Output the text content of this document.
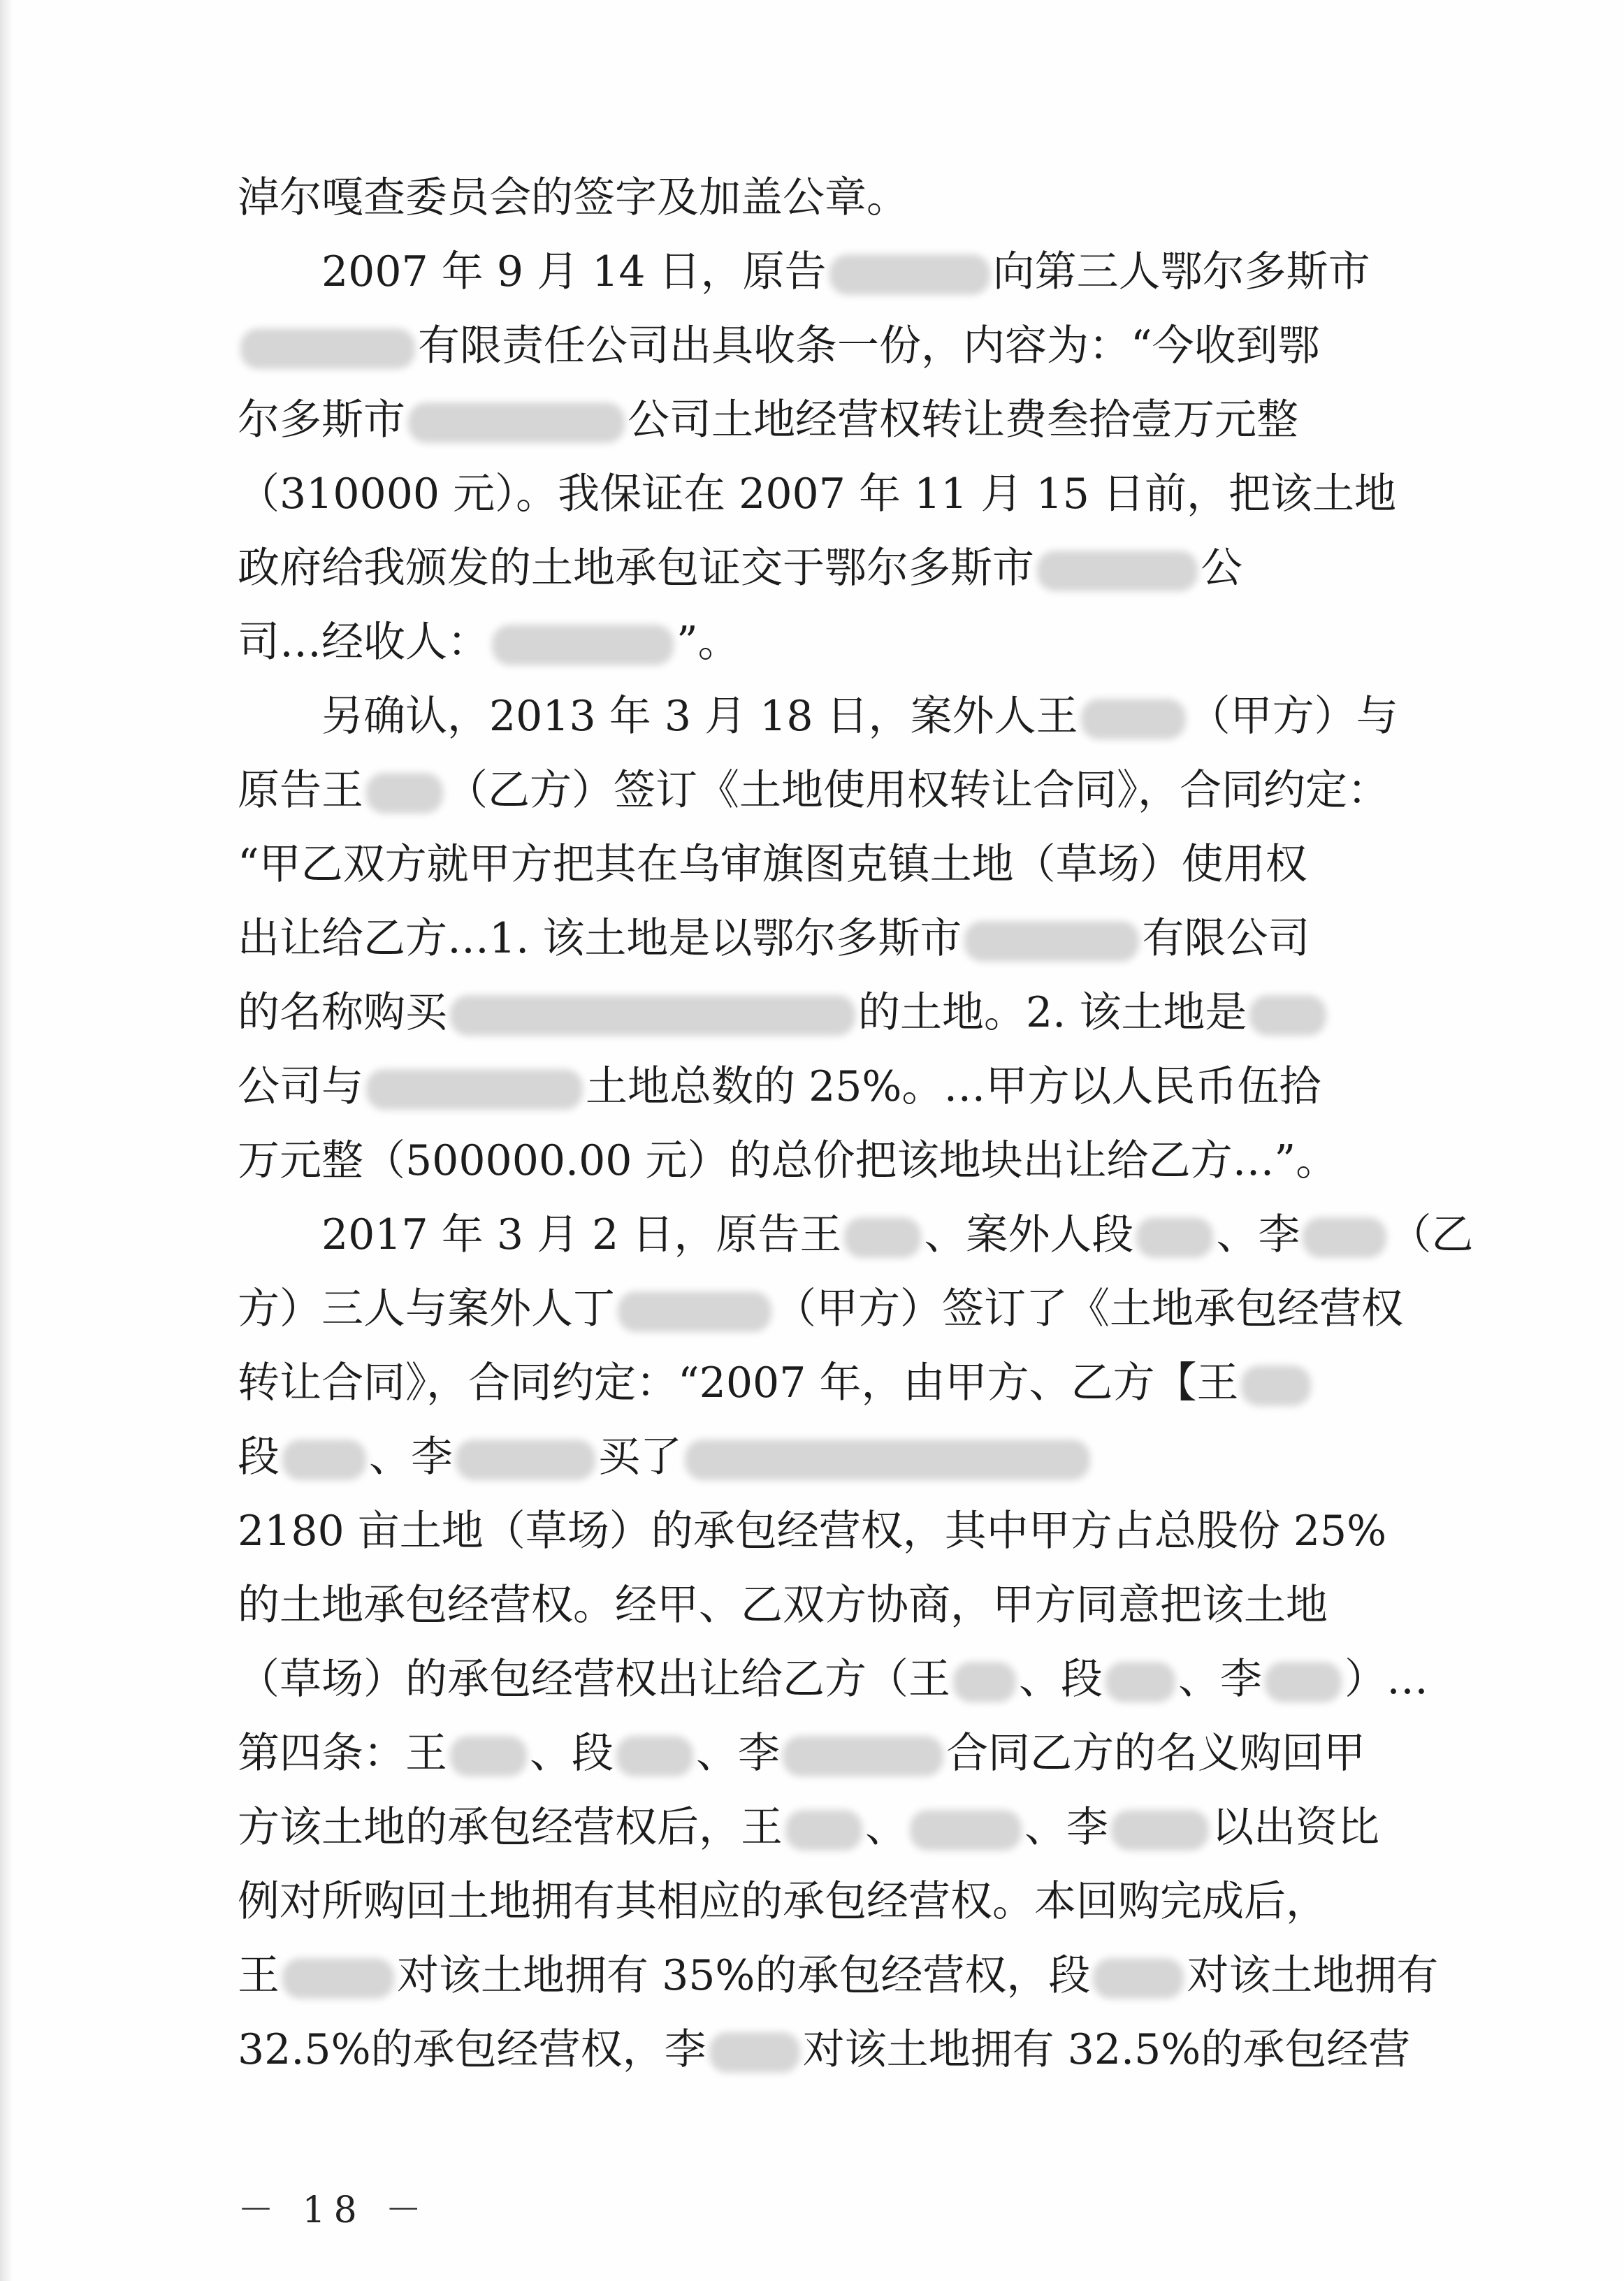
淖尔嘎查委员会的签字及加盖公章。
2007 年 9 月 14 日，原告	向第三人鄂尔多斯市
有限责任公司出具收条一份，内容为：“今收到鄂
尔多斯市	公司土地经营权转让费叁拾壹万元整
（310000 元）。我保证在 2007 年 11 月 15 日前，把该土地
政府给我颁发的土地承包证交于鄂尔多斯市	公
司…经收人：	”。
另确认，2013 年 3 月 18 日，案外人王	（甲方）与
原告王 （乙方）签订《土地使用权转让合同》，合同约定：
“甲乙双方就甲方把其在乌审旗图克镇土地（草场）使用权
出让给乙方…1. 该土地是以鄂尔多斯市	有限公司
的名称购买	的土地。2. 该土地是
公司与	土地总数的 25%。…甲方以人民币伍拾
万元整（500000.00 元）的总价把该地块出让给乙方…”。
2017 年 3 月 2 日，原告王 、案外人段 、李 （乙
方）三人与案外人丁	（甲方）签订了《土地承包经营权
转让合同》，合同约定：“2007 年，由甲方、乙方【王
段 、李	买了
2180 亩土地（草场）的承包经营权，其中甲方占总股份 25%
的土地承包经营权。经甲、乙双方协商，甲方同意把该土地
（草场）的承包经营权出让给乙方（王 、段 、李 ）…
第四条：王 、段 、李	合同乙方的名义购回甲
方该土地的承包经营权后，王 、	、李 以出资比
例对所购回土地拥有其相应的承包经营权。本回购完成后，
王	对该土地拥有 35%的承包经营权，段 对该土地拥有
32.5%的承包经营权，李 对该土地拥有 32.5%的承包经营
－ 18 －
